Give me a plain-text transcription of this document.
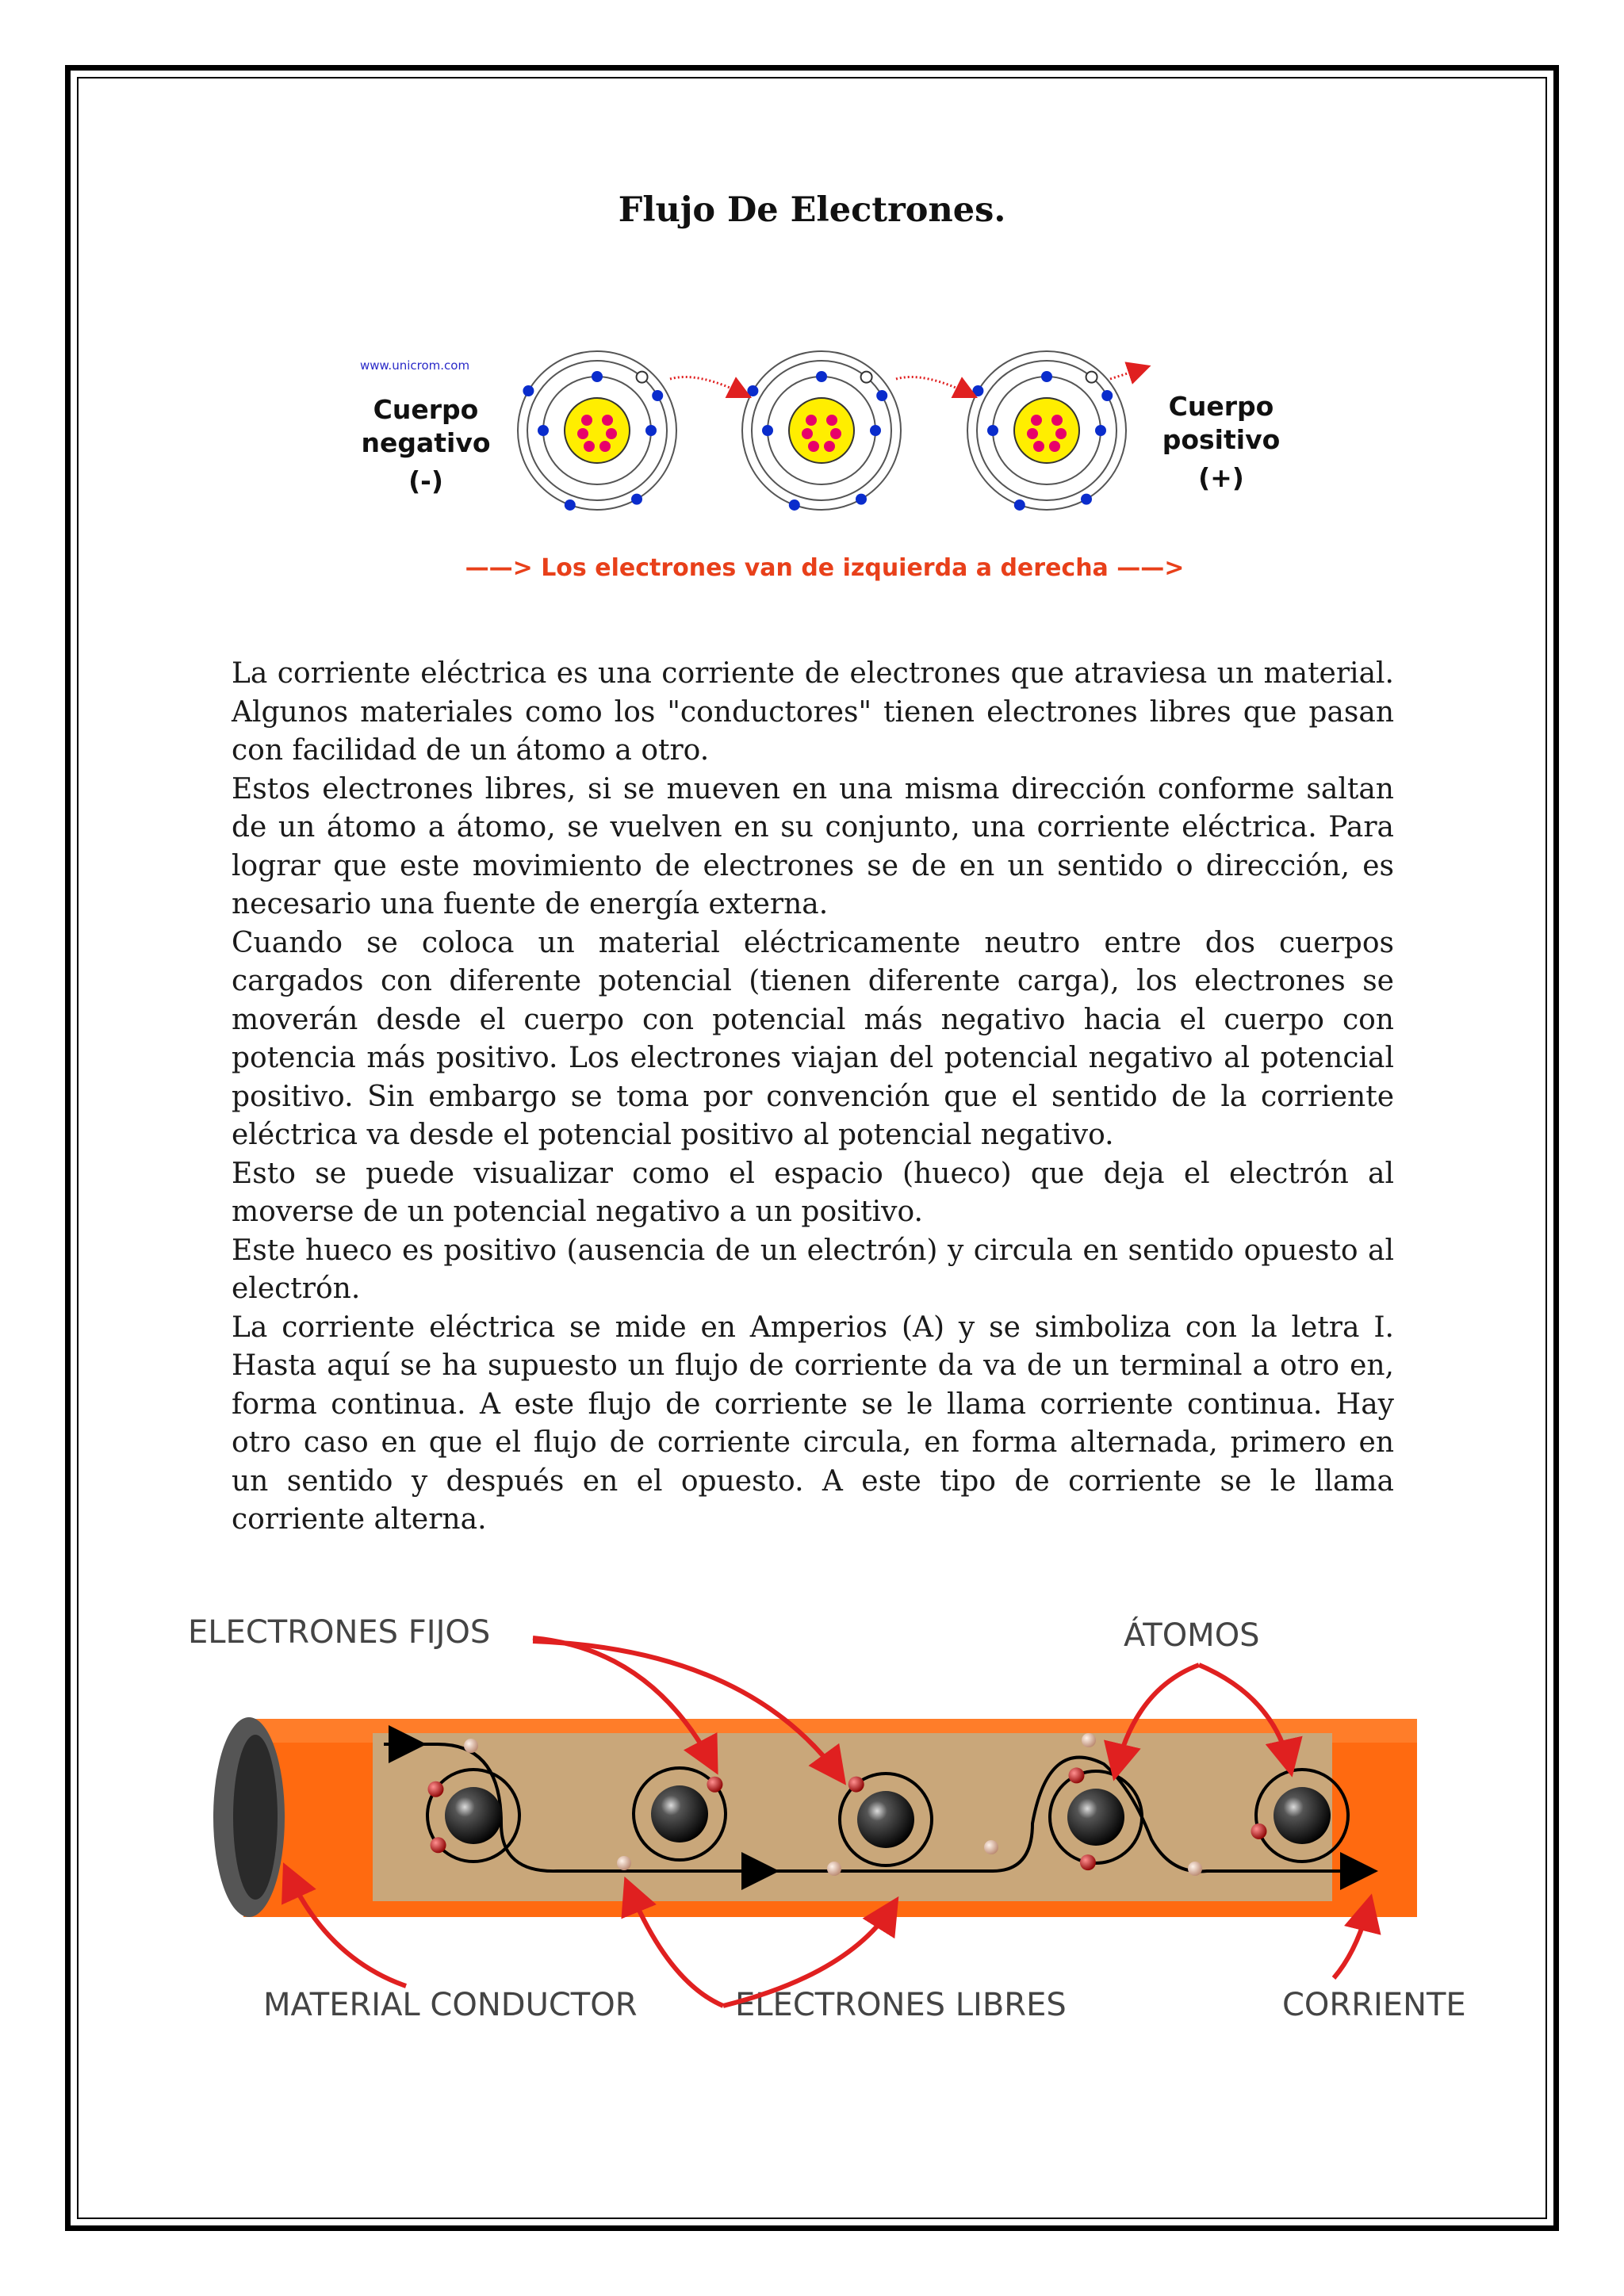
Flujo De Electrones.
www.unicrom.com
Cuerpo
negativo
(-)
Cuerpo
positivo
(+)
——> Los electrones van de izquierda a derecha ——>

La corriente eléctrica es una corriente de electrones que atraviesa un material. Algunos materiales como los "conductores" tienen electrones libres que pasan con facilidad de un átomo a otro.

Estos electrones libres, si se mueven en una misma dirección conforme saltan de un átomo a átomo, se vuelven en su conjunto, una corriente eléctrica. Para lograr que este movimiento de electrones se de en un sentido o dirección, es necesario una fuente de energía externa.

Cuando se coloca un material eléctricamente neutro entre dos cuerpos cargados con diferente potencial (tienen diferente carga), los electrones se moverán desde el cuerpo con potencial más negativo hacia el cuerpo con potencia más positivo. Los electrones viajan del potencial negativo al potencial positivo. Sin embargo se toma por convención que el sentido de la corriente eléctrica va desde el potencial positivo al potencial negativo.

Esto se puede visualizar como el espacio (hueco) que deja el electrón al moverse de un potencial negativo a un positivo.

Este hueco es positivo (ausencia de un electrón) y circula en sentido opuesto al electrón.

La corriente eléctrica se mide en Amperios (A) y se simboliza con la letra I. Hasta aquí se ha supuesto un flujo de corriente da va de un terminal a otro en, forma continua. A este flujo de corriente se le llama corriente continua. Hay otro caso en que el flujo de corriente circula, en forma alternada, primero en un sentido y después en el opuesto. A este tipo de corriente se le llama corriente alterna.

ELECTRONES FIJOS	ÁTOMOS
MATERIAL CONDUCTOR	ELECTRONES LIBRES	CORRIENTE
